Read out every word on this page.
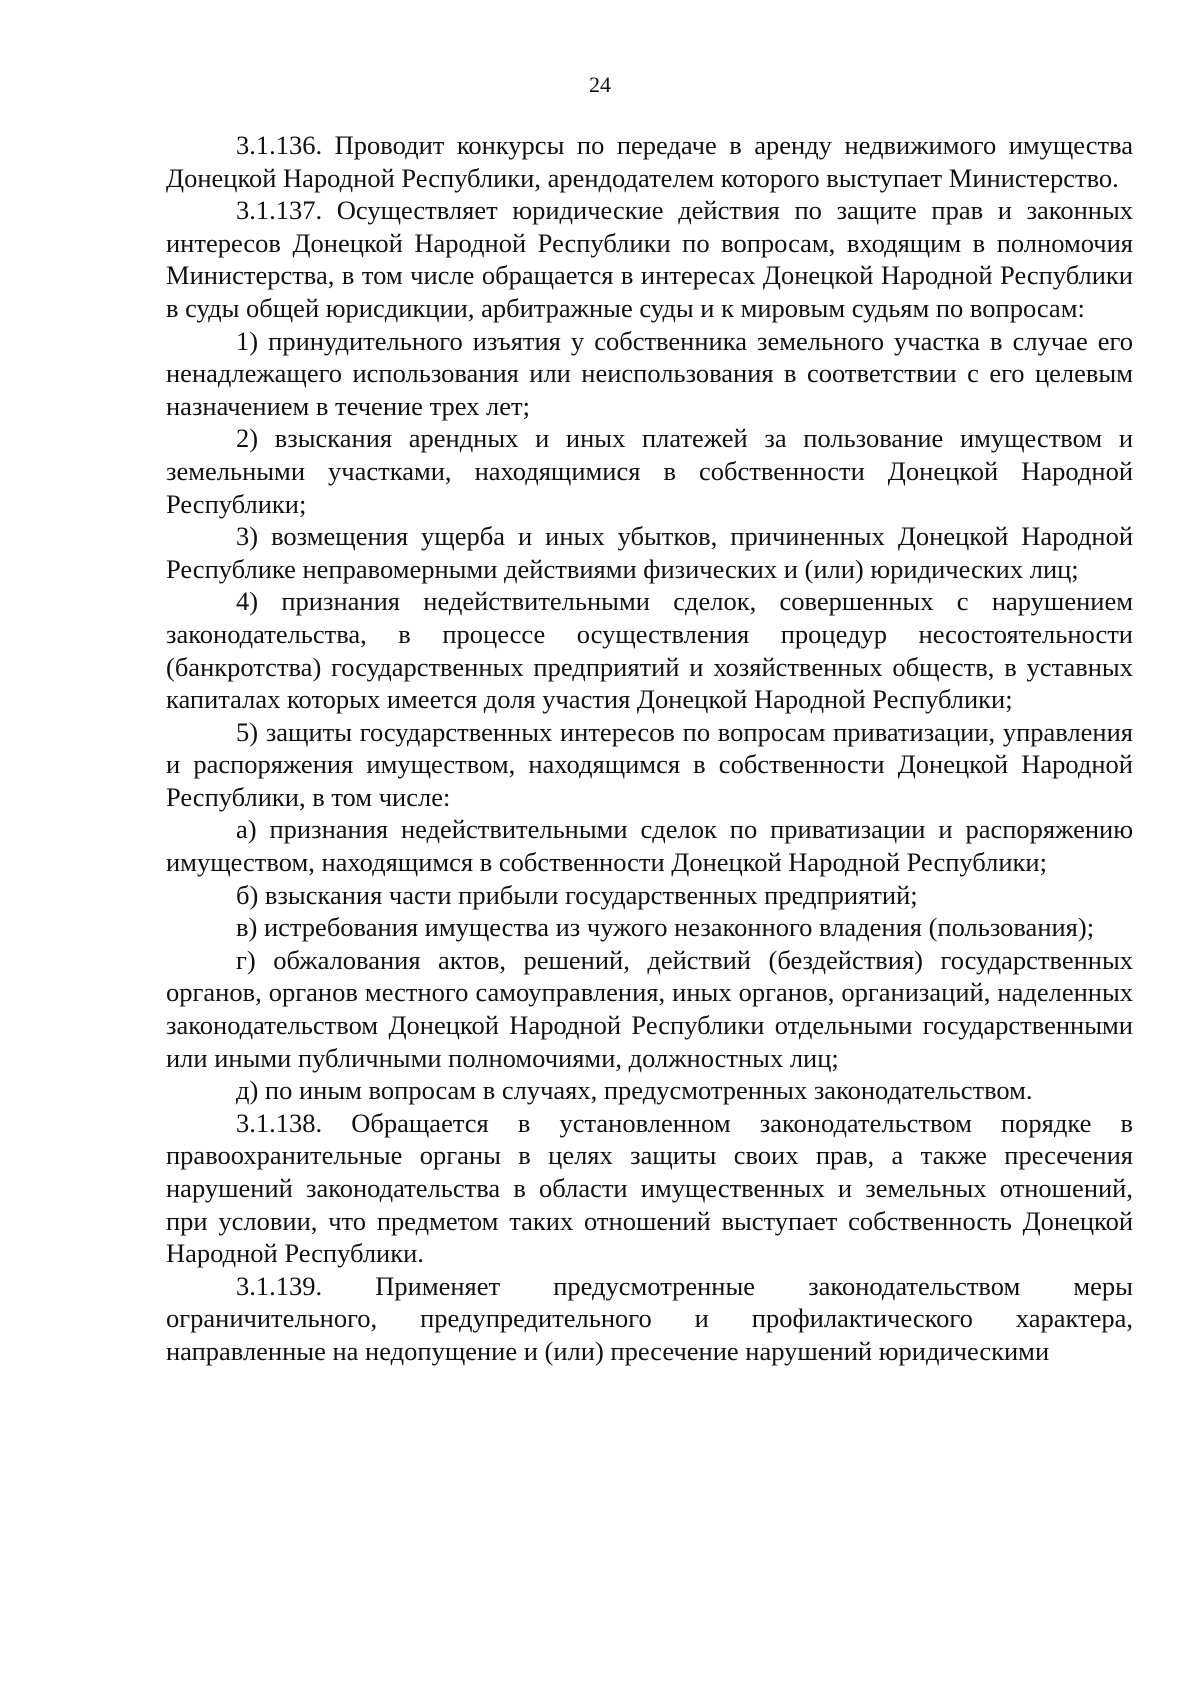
24

3.1.136. Проводит конкурсы по передаче в аренду недвижимого имущества Донецкой Народной Республики, арендодателем которого выступает Министерство.

3.1.137. Осуществляет юридические действия по защите прав и законных интересов Донецкой Народной Республики по вопросам, входящим в полномочия Министерства, в том числе обращается в интересах Донецкой Народной Республики в суды общей юрисдикции, арбитражные суды и к мировым судьям по вопросам:

1) принудительного изъятия у собственника земельного участка в случае его ненадлежащего использования или неиспользования в соответствии с его целевым назначением в течение трех лет;

2) взыскания арендных и иных платежей за пользование имуществом и земельными участками, находящимися в собственности Донецкой Народной Республики;

3) возмещения ущерба и иных убытков, причиненных Донецкой Народной Республике неправомерными действиями физических и (или) юридических лиц;

4) признания недействительными сделок, совершенных с нарушением законодательства, в процессе осуществления процедур несостоятельности (банкротства) государственных предприятий и хозяйственных обществ, в уставных капиталах которых имеется доля участия Донецкой Народной Республики;

5) защиты государственных интересов по вопросам приватизации, управления и распоряжения имуществом, находящимся в собственности Донецкой Народной Республики, в том числе:

а) признания недействительными сделок по приватизации и распоряжению имуществом, находящимся в собственности Донецкой Народной Республики;

б) взыскания части прибыли государственных предприятий;

в) истребования имущества из чужого незаконного владения (пользования);

г) обжалования актов, решений, действий (бездействия) государственных органов, органов местного самоуправления, иных органов, организаций, наделенных законодательством Донецкой Народной Республики отдельными государственными или иными публичными полномочиями, должностных лиц;

д) по иным вопросам в случаях, предусмотренных законодательством.

3.1.138. Обращается в установленном законодательством порядке в правоохранительные органы в целях защиты своих прав, а также пресечения нарушений законодательства в области имущественных и земельных отношений, при условии, что предметом таких отношений выступает собственность Донецкой Народной Республики.

3.1.139. Применяет предусмотренные законодательством меры ограничительного, предупредительного и профилактического характера, направленные на недопущение и (или) пресечение нарушений юридическими
